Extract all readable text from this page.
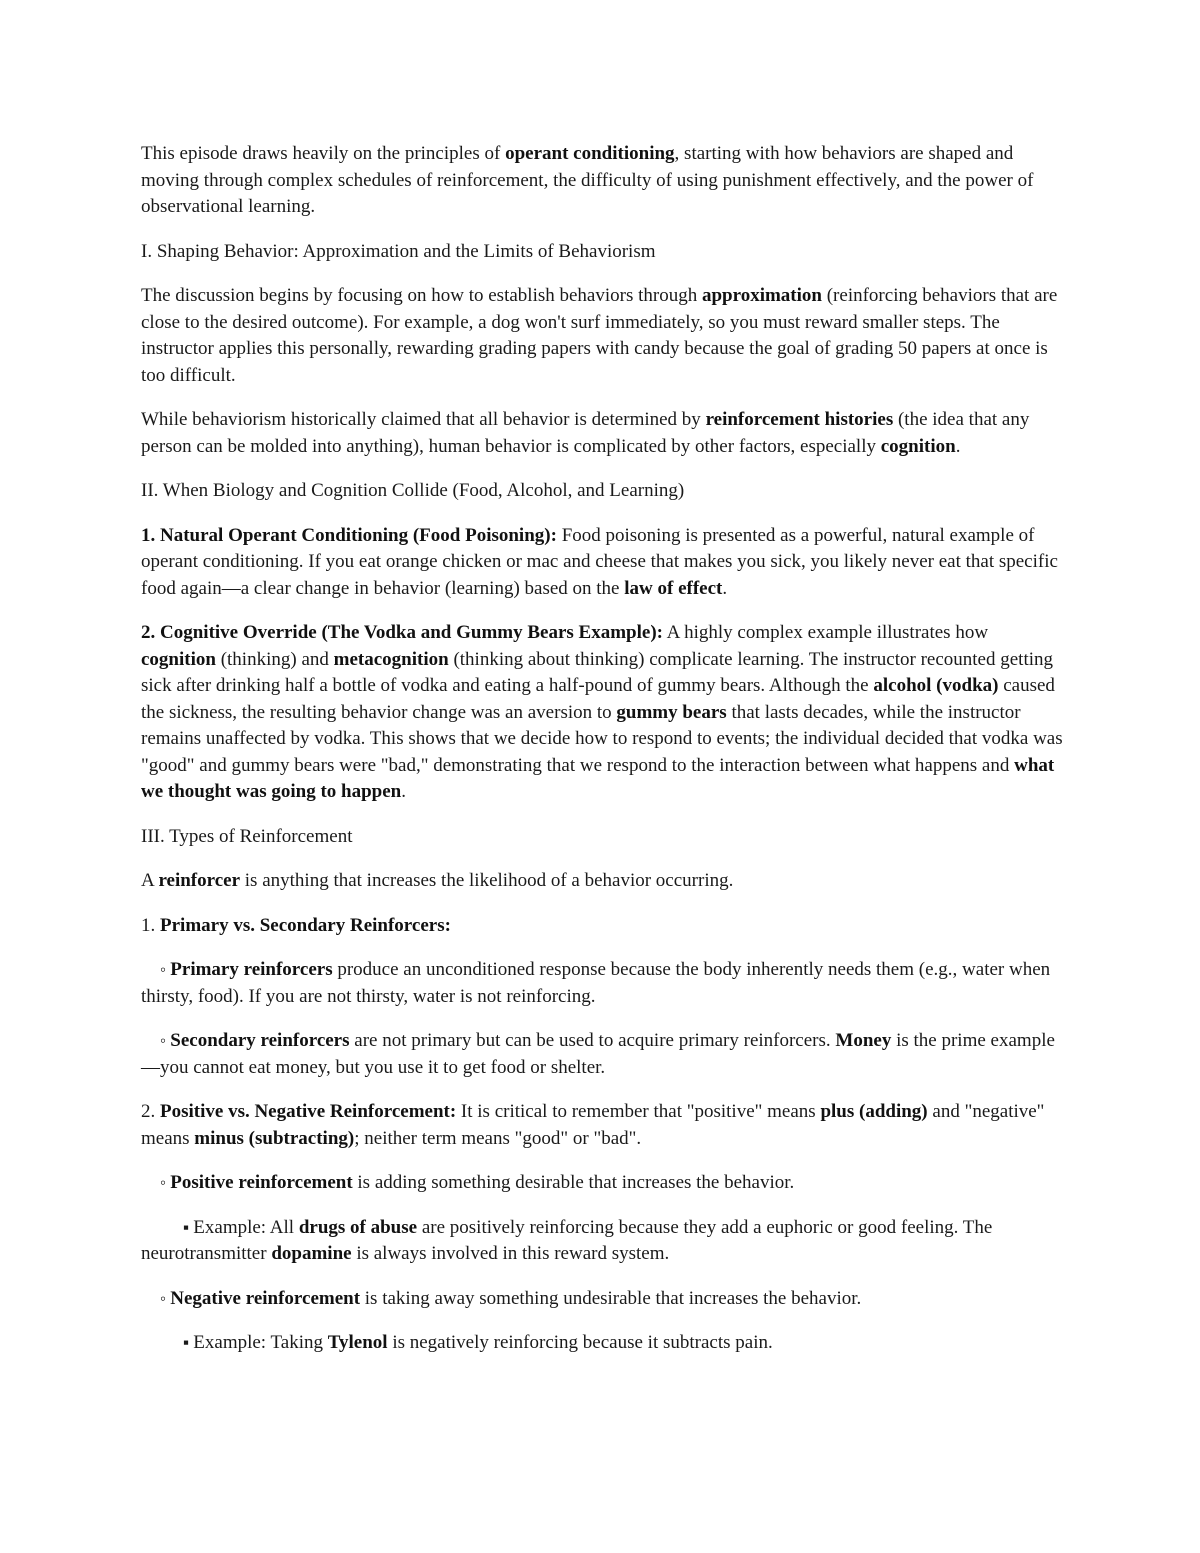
This episode draws heavily on the principles of operant conditioning, starting with how behaviors are shaped and moving through complex schedules of reinforcement, the difficulty of using punishment effectively, and the power of observational learning.

I. Shaping Behavior: Approximation and the Limits of Behaviorism

The discussion begins by focusing on how to establish behaviors through approximation (reinforcing behaviors that are close to the desired outcome). For example, a dog won't surf immediately, so you must reward smaller steps. The instructor applies this personally, rewarding grading papers with candy because the goal of grading 50 papers at once is too difficult.

While behaviorism historically claimed that all behavior is determined by reinforcement histories (the idea that any person can be molded into anything), human behavior is complicated by other factors, especially cognition.

II. When Biology and Cognition Collide (Food, Alcohol, and Learning)

1. Natural Operant Conditioning (Food Poisoning): Food poisoning is presented as a powerful, natural example of operant conditioning. If you eat orange chicken or mac and cheese that makes you sick, you likely never eat that specific food again—a clear change in behavior (learning) based on the law of effect.

2. Cognitive Override (The Vodka and Gummy Bears Example): A highly complex example illustrates how cognition (thinking) and metacognition (thinking about thinking) complicate learning. The instructor recounted getting sick after drinking half a bottle of vodka and eating a half-pound of gummy bears. Although the alcohol (vodka) caused the sickness, the resulting behavior change was an aversion to gummy bears that lasts decades, while the instructor remains unaffected by vodka. This shows that we decide how to respond to events; the individual decided that vodka was "good" and gummy bears were "bad," demonstrating that we respond to the interaction between what happens and what we thought was going to happen.

III. Types of Reinforcement

A reinforcer is anything that increases the likelihood of a behavior occurring.

1. Primary vs. Secondary Reinforcers:

◦ Primary reinforcers produce an unconditioned response because the body inherently needs them (e.g., water when thirsty, food). If you are not thirsty, water is not reinforcing.

◦ Secondary reinforcers are not primary but can be used to acquire primary reinforcers. Money is the prime example—you cannot eat money, but you use it to get food or shelter.

2. Positive vs. Negative Reinforcement: It is critical to remember that "positive" means plus (adding) and "negative" means minus (subtracting); neither term means "good" or "bad".

◦ Positive reinforcement is adding something desirable that increases the behavior.

▪ Example: All drugs of abuse are positively reinforcing because they add a euphoric or good feeling. The neurotransmitter dopamine is always involved in this reward system.

◦ Negative reinforcement is taking away something undesirable that increases the behavior.

▪ Example: Taking Tylenol is negatively reinforcing because it subtracts pain.
